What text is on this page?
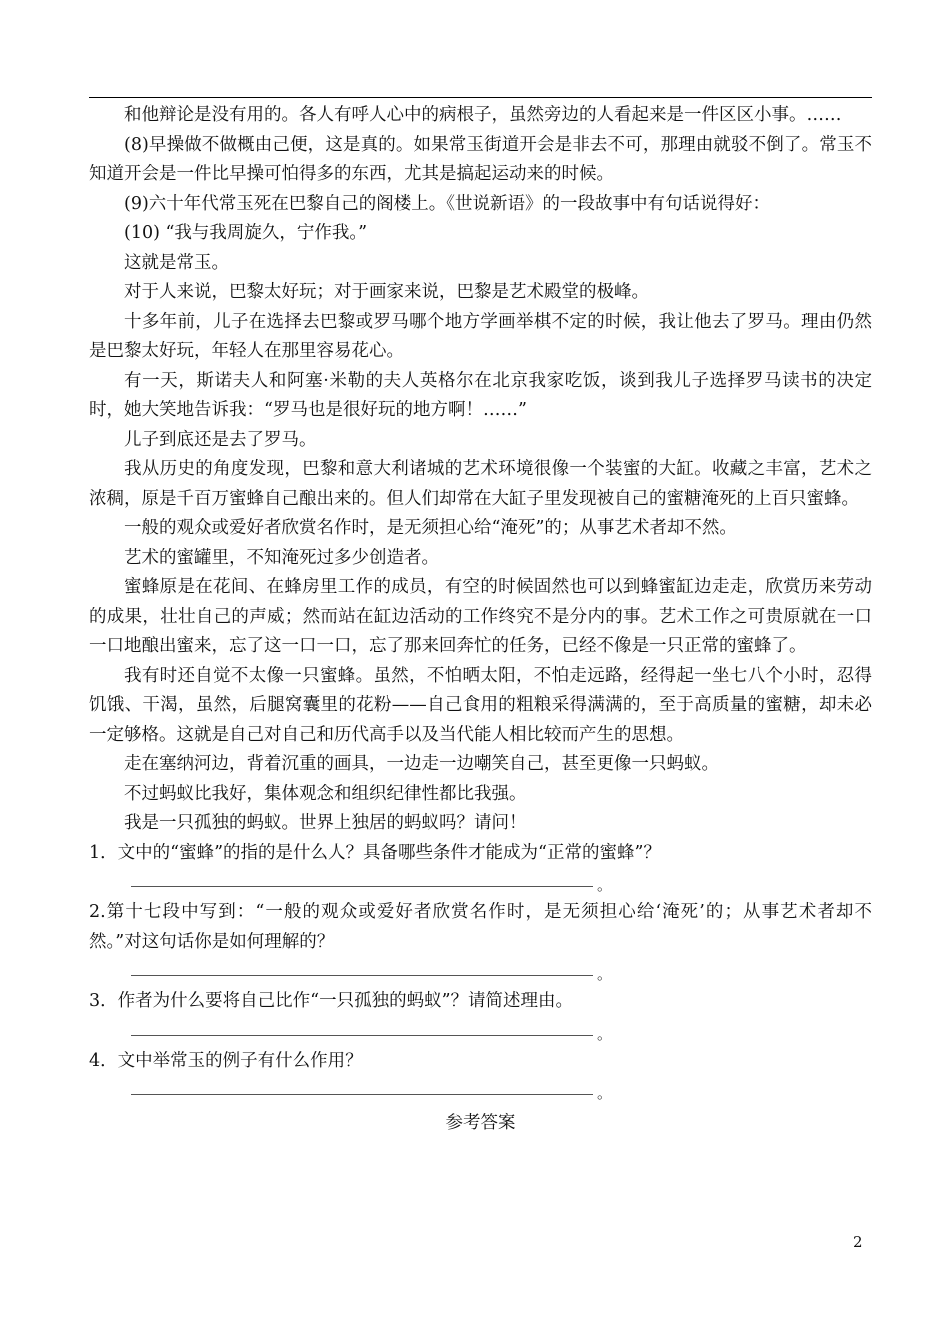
和他辩论是没有用的。各人有呼人心中的病根子，虽然旁边的人看起来是一件区区小事。……

(8)早操做不做概由己便，这是真的。如果常玉街道开会是非去不可，那理由就驳不倒了。常玉不知道开会是一件比早操可怕得多的东西，尤其是搞起运动来的时候。

(9)六十年代常玉死在巴黎自己的阁楼上。《世说新语》的一段故事中有句话说得好：

(10) “我与我周旋久，宁作我。”

这就是常玉。

对于人来说，巴黎太好玩；对于画家来说，巴黎是艺术殿堂的极峰。

十多年前，儿子在选择去巴黎或罗马哪个地方学画举棋不定的时候，我让他去了罗马。理由仍然是巴黎太好玩，年轻人在那里容易花心。

有一天，斯诺夫人和阿塞·米勒的夫人英格尔在北京我家吃饭，谈到我儿子选择罗马读书的决定时，她大笑地告诉我：“罗马也是很好玩的地方啊！……”

儿子到底还是去了罗马。

我从历史的角度发现，巴黎和意大利诸城的艺术环境很像一个装蜜的大缸。收藏之丰富，艺术之浓稠，原是千百万蜜蜂自己酿出来的。但人们却常在大缸子里发现被自己的蜜糖淹死的上百只蜜蜂。

一般的观众或爱好者欣赏名作时，是无须担心给“淹死”的；从事艺术者却不然。

艺术的蜜罐里，不知淹死过多少创造者。

蜜蜂原是在花间、在蜂房里工作的成员，有空的时候固然也可以到蜂蜜缸边走走，欣赏历来劳动的成果，壮壮自己的声威；然而站在缸边活动的工作终究不是分内的事。艺术工作之可贵原就在一口一口地酿出蜜来，忘了这一口一口，忘了那来回奔忙的任务，已经不像是一只正常的蜜蜂了。

我有时还自觉不太像一只蜜蜂。虽然，不怕晒太阳，不怕走远路，经得起一坐七八个小时，忍得饥饿、干渴，虽然，后腿窝囊里的花粉——自己食用的粗粮采得满满的，至于高质量的蜜糖，却未必一定够格。这就是自己对自己和历代高手以及当代能人相比较而产生的思想。

走在塞纳河边，背着沉重的画具，一边走一边嘲笑自己，甚至更像一只蚂蚁。

不过蚂蚁比我好，集体观念和组织纪律性都比我强。

我是一只孤独的蚂蚁。世界上独居的蚂蚁吗？请问！

1．文中的“蜜蜂”的指的是什么人？具备哪些条件才能成为“正常的蜜蜂”？

。

2.第十七段中写到：“一般的观众或爱好者欣赏名作时，是无须担心给‘淹死’的；从事艺术者却不然。”对这句话你是如何理解的？

。

3．作者为什么要将自己比作“一只孤独的蚂蚁”？请简述理由。

。

4．文中举常玉的例子有什么作用？

。
参考答案
2
